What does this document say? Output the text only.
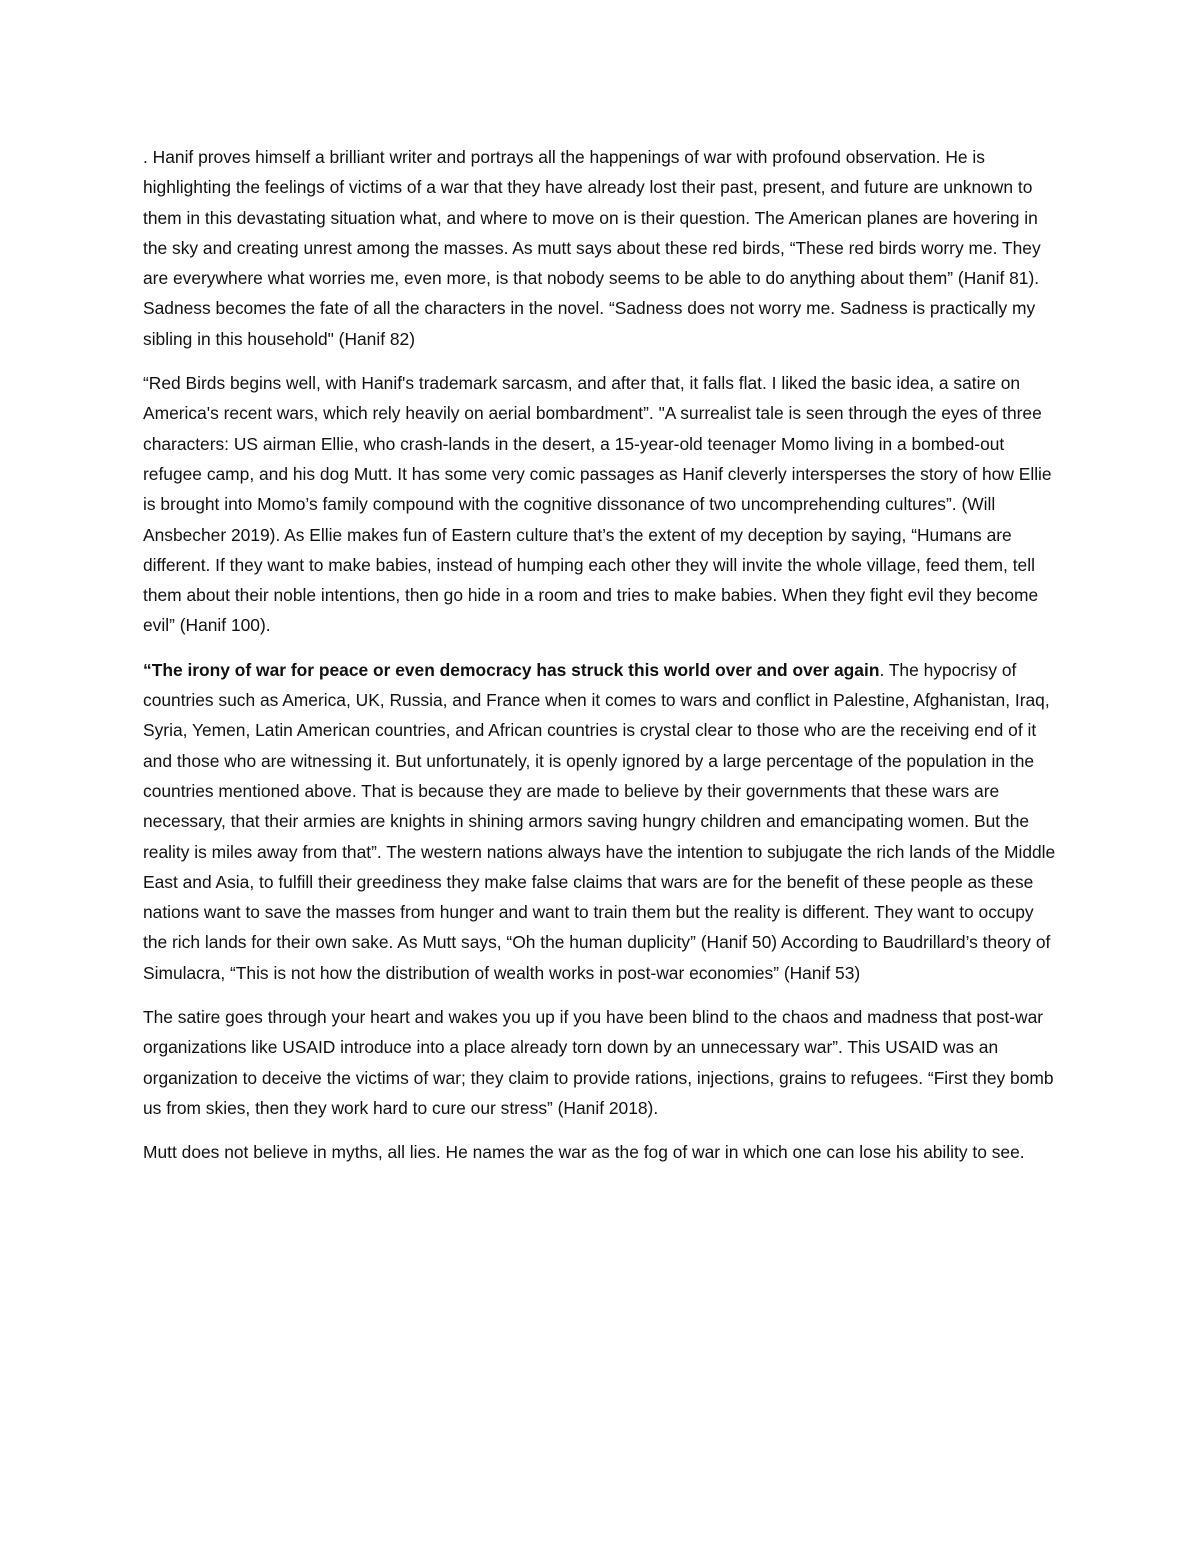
. Hanif proves himself a brilliant writer and portrays all the happenings of war with profound observation. He is highlighting the feelings of victims of a war that they have already lost their past, present, and future are unknown to them in this devastating situation what, and where to move on is their question. The American planes are hovering in the sky and creating unrest among the masses. As mutt says about these red birds, “These red birds worry me. They are everywhere what worries me, even more, is that nobody seems to be able to do anything about them” (Hanif 81). Sadness becomes the fate of all the characters in the novel. “Sadness does not worry me. Sadness is practically my sibling in this household" (Hanif 82)

“Red Birds begins well, with Hanif's trademark sarcasm, and after that, it falls flat. I liked the basic idea, a satire on America's recent wars, which rely heavily on aerial bombardment”. "A surrealist tale is seen through the eyes of three characters: US airman Ellie, who crash-lands in the desert, a 15-year-old teenager Momo living in a bombed-out refugee camp, and his dog Mutt. It has some very comic passages as Hanif cleverly intersperses the story of how Ellie is brought into Momo’s family compound with the cognitive dissonance of two uncomprehending cultures”. (Will Ansbecher 2019). As Ellie makes fun of Eastern culture that’s the extent of my deception by saying, “Humans are different. If they want to make babies, instead of humping each other they will invite the whole village, feed them, tell them about their noble intentions, then go hide in a room and tries to make babies. When they fight evil they become evil” (Hanif 100).

“The irony of war for peace or even democracy has struck this world over and over again. The hypocrisy of countries such as America, UK, Russia, and France when it comes to wars and conflict in Palestine, Afghanistan, Iraq, Syria, Yemen, Latin American countries, and African countries is crystal clear to those who are the receiving end of it and those who are witnessing it. But unfortunately, it is openly ignored by a large percentage of the population in the countries mentioned above. That is because they are made to believe by their governments that these wars are necessary, that their armies are knights in shining armors saving hungry children and emancipating women. But the reality is miles away from that”. The western nations always have the intention to subjugate the rich lands of the Middle East and Asia, to fulfill their greediness they make false claims that wars are for the benefit of these people as these nations want to save the masses from hunger and want to train them but the reality is different. They want to occupy the rich lands for their own sake. As Mutt says, “Oh the human duplicity” (Hanif 50) According to Baudrillard’s theory of Simulacra, “This is not how the distribution of wealth works in post-war economies” (Hanif 53)

The satire goes through your heart and wakes you up if you have been blind to the chaos and madness that post-war organizations like USAID introduce into a place already torn down by an unnecessary war”. This USAID was an organization to deceive the victims of war; they claim to provide rations, injections, grains to refugees. “First they bomb us from skies, then they work hard to cure our stress” (Hanif 2018).

Mutt does not believe in myths, all lies. He names the war as the fog of war in which one can lose his ability to see.
